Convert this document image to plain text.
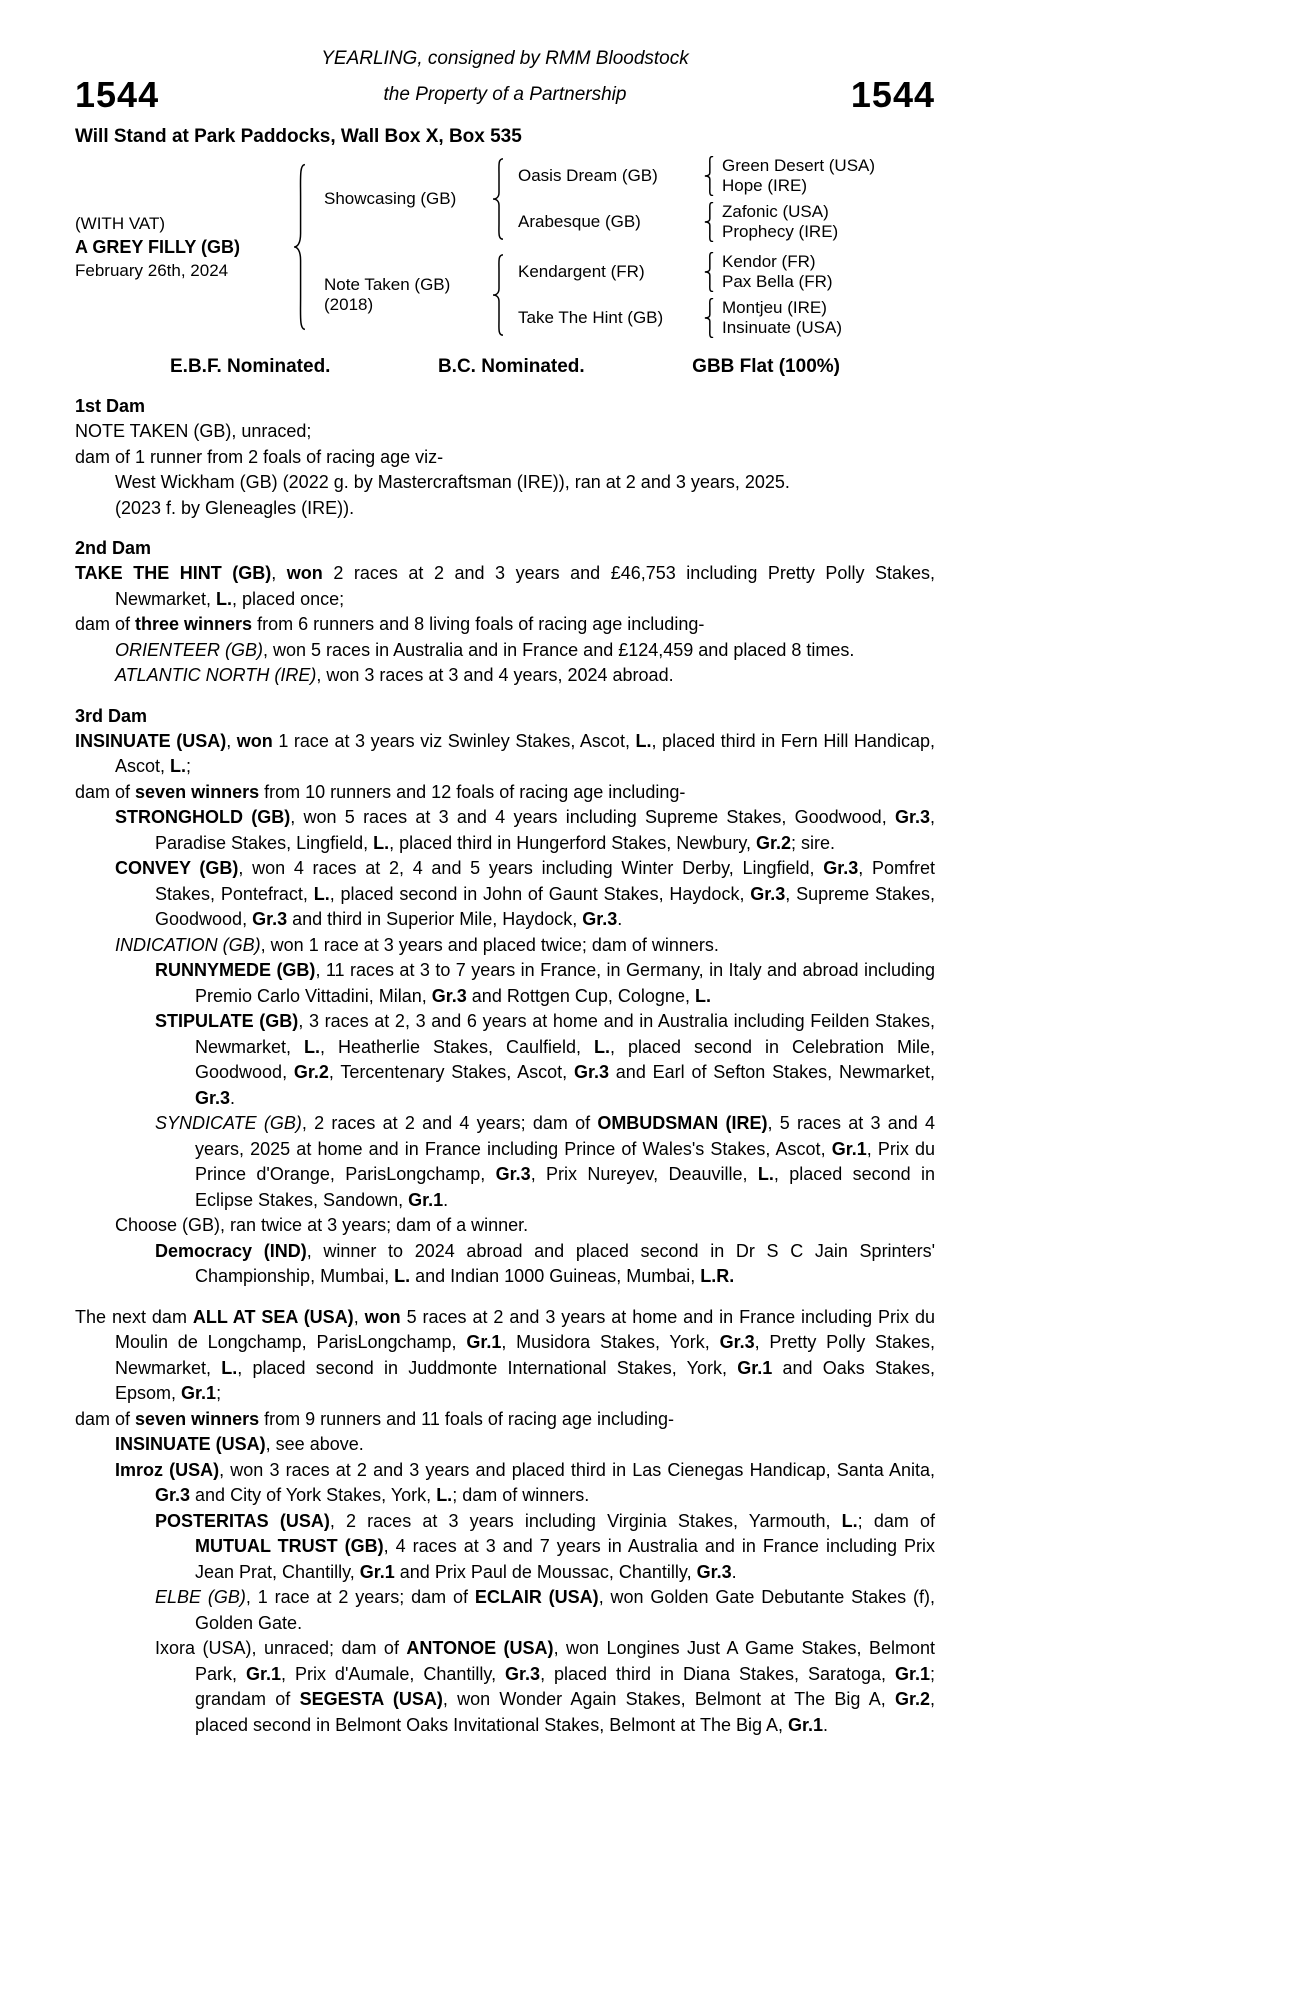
YEARLING, consigned by RMM Bloodstock
1544	the Property of a Partnership	1544
Will Stand at Park Paddocks, Wall Box X, Box 535
(WITH VAT)
A GREY FILLY (GB)
February 26th, 2024
Showcasing (GB)
Oasis Dream (GB)
Green Desert (USA)
Hope (IRE)
Arabesque (GB)
Zafonic (USA)
Prophecy (IRE)
Note Taken (GB)
(2018)
Kendargent (FR)
Kendor (FR)
Pax Bella (FR)
Take The Hint (GB)
Montjeu (IRE)
Insinuate (USA)
E.B.F. Nominated.	B.C. Nominated.	GBB Flat (100%)
1st Dam

NOTE TAKEN (GB), unraced;

dam of 1 runner from 2 foals of racing age viz-

West Wickham (GB) (2022 g. by Mastercraftsman (IRE)), ran at 2 and 3 years, 2025.

(2023 f. by Gleneagles (IRE)).

2nd Dam

TAKE THE HINT (GB), won 2 races at 2 and 3 years and £46,753 including Pretty Polly Stakes, Newmarket, L., placed once;

dam of three winners from 6 runners and 8 living foals of racing age including-

ORIENTEER (GB), won 5 races in Australia and in France and £124,459 and placed 8 times.

ATLANTIC NORTH (IRE), won 3 races at 3 and 4 years, 2024 abroad.

3rd Dam

INSINUATE (USA), won 1 race at 3 years viz Swinley Stakes, Ascot, L., placed third in Fern Hill Handicap, Ascot, L.;

dam of seven winners from 10 runners and 12 foals of racing age including-

STRONGHOLD (GB), won 5 races at 3 and 4 years including Supreme Stakes, Goodwood, Gr.3, Paradise Stakes, Lingfield, L., placed third in Hungerford Stakes, Newbury, Gr.2; sire.

CONVEY (GB), won 4 races at 2, 4 and 5 years including Winter Derby, Lingfield, Gr.3, Pomfret Stakes, Pontefract, L., placed second in John of Gaunt Stakes, Haydock, Gr.3, Supreme Stakes, Goodwood, Gr.3 and third in Superior Mile, Haydock, Gr.3.

INDICATION (GB), won 1 race at 3 years and placed twice; dam of winners.

RUNNYMEDE (GB), 11 races at 3 to 7 years in France, in Germany, in Italy and abroad including Premio Carlo Vittadini, Milan, Gr.3 and Rottgen Cup, Cologne, L.

STIPULATE (GB), 3 races at 2, 3 and 6 years at home and in Australia including Feilden Stakes, Newmarket, L., Heatherlie Stakes, Caulfield, L., placed second in Celebration Mile, Goodwood, Gr.2, Tercentenary Stakes, Ascot, Gr.3 and Earl of Sefton Stakes, Newmarket, Gr.3.

SYNDICATE (GB), 2 races at 2 and 4 years; dam of OMBUDSMAN (IRE), 5 races at 3 and 4 years, 2025 at home and in France including Prince of Wales's Stakes, Ascot, Gr.1, Prix du Prince d'Orange, ParisLongchamp, Gr.3, Prix Nureyev, Deauville, L., placed second in Eclipse Stakes, Sandown, Gr.1.

Choose (GB), ran twice at 3 years; dam of a winner.

Democracy (IND), winner to 2024 abroad and placed second in Dr S C Jain Sprinters' Championship, Mumbai, L. and Indian 1000 Guineas, Mumbai, L.R.

The next dam ALL AT SEA (USA), won 5 races at 2 and 3 years at home and in France including Prix du Moulin de Longchamp, ParisLongchamp, Gr.1, Musidora Stakes, York, Gr.3, Pretty Polly Stakes, Newmarket, L., placed second in Juddmonte International Stakes, York, Gr.1 and Oaks Stakes, Epsom, Gr.1;

dam of seven winners from 9 runners and 11 foals of racing age including-

INSINUATE (USA), see above.

Imroz (USA), won 3 races at 2 and 3 years and placed third in Las Cienegas Handicap, Santa Anita, Gr.3 and City of York Stakes, York, L.; dam of winners.

POSTERITAS (USA), 2 races at 3 years including Virginia Stakes, Yarmouth, L.; dam of MUTUAL TRUST (GB), 4 races at 3 and 7 years in Australia and in France including Prix Jean Prat, Chantilly, Gr.1 and Prix Paul de Moussac, Chantilly, Gr.3.

ELBE (GB), 1 race at 2 years; dam of ECLAIR (USA), won Golden Gate Debutante Stakes (f), Golden Gate.

Ixora (USA), unraced; dam of ANTONOE (USA), won Longines Just A Game Stakes, Belmont Park, Gr.1, Prix d'Aumale, Chantilly, Gr.3, placed third in Diana Stakes, Saratoga, Gr.1; grandam of SEGESTA (USA), won Wonder Again Stakes, Belmont at The Big A, Gr.2, placed second in Belmont Oaks Invitational Stakes, Belmont at The Big A, Gr.1.
